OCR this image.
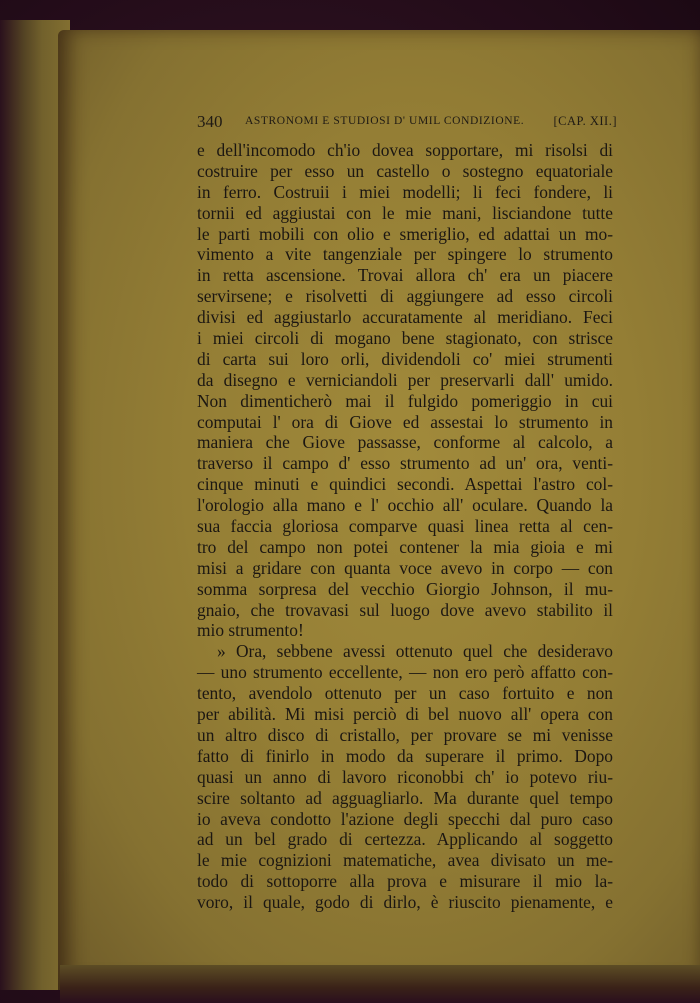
340 ASTRONOMI E STUDIOSI D' UMIL CONDIZIONE. [CAP. XII.]
e dell'incomodo ch'io dovea sopportare, mi risolsi di
costruire per esso un castello o sostegno equatoriale
in ferro. Costruii i miei modelli; li feci fondere, li
tornii ed aggiustai con le mie mani, lisciandone tutte
le parti mobili con olio e smeriglio, ed adattai un mo-
vimento a vite tangenziale per spingere lo strumento
in retta ascensione. Trovai allora ch' era un piacere
servirsene; e risolvetti di aggiungere ad esso circoli
divisi ed aggiustarlo accuratamente al meridiano. Feci
i miei circoli di mogano bene stagionato, con strisce
di carta sui loro orli, dividendoli co' miei strumenti
da disegno e verniciandoli per preservarli dall' umido.
Non dimenticherò mai il fulgido pomeriggio in cui
computai l' ora di Giove ed assestai lo strumento in
maniera che Giove passasse, conforme al calcolo, a
traverso il campo d' esso strumento ad un' ora, venti-
cinque minuti e quindici secondi. Aspettai l'astro col-
l'orologio alla mano e l' occhio all' oculare. Quando la
sua faccia gloriosa comparve quasi linea retta al cen-
tro del campo non potei contener la mia gioia e mi
misi a gridare con quanta voce avevo in corpo — con
somma sorpresa del vecchio Giorgio Johnson, il mu-
gnaio, che trovavasi sul luogo dove avevo stabilito il
mio strumento!
» Ora, sebbene avessi ottenuto quel che desideravo
— uno strumento eccellente, — non ero però affatto con-
tento, avendolo ottenuto per un caso fortuito e non
per abilità. Mi misi perciò di bel nuovo all' opera con
un altro disco di cristallo, per provare se mi venisse
fatto di finirlo in modo da superare il primo. Dopo
quasi un anno di lavoro riconobbi ch' io potevo riu-
scire soltanto ad agguagliarlo. Ma durante quel tempo
io aveva condotto l'azione degli specchi dal puro caso
ad un bel grado di certezza. Applicando al soggetto
le mie cognizioni matematiche, avea divisato un me-
todo di sottoporre alla prova e misurare il mio la-
voro, il quale, godo di dirlo, è riuscito pienamente, e
